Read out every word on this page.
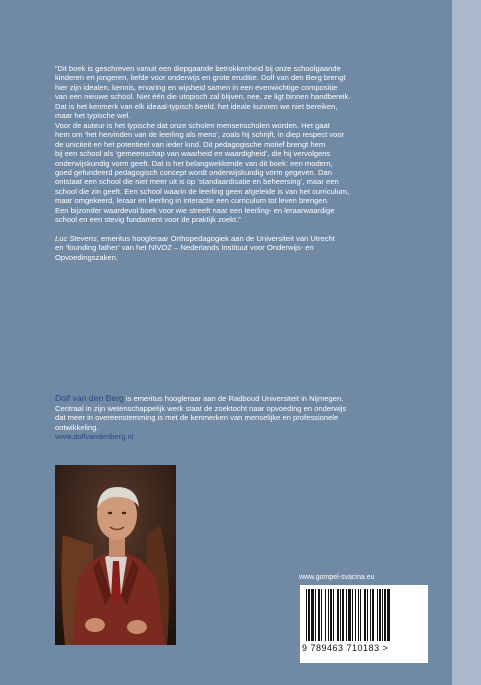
“Dit boek is geschreven vanuit een diepgaande betrokkenheid bij onze schoolgaande

kinderen en jongeren, liefde voor onderwijs en grote eruditie. Dolf van den Berg brengt

hier zijn idealen, kennis, ervaring en wijsheid samen in een evenwichtige compositie

van een nieuwe school. Niet één die utopisch zal blijven, nee, ze ligt binnen handbereik.

Dat is het kenmerk van elk ideaal-typisch beeld, het ideale kunnen we niet bereiken,

maar het typische wel.

Voor de auteur is het typische dat onze scholen mensenscholen worden. Het gaat

hem om ‘het hervinden van de leerling als mens’, zoals hij schrijft, in diep respect voor

de uniciteit en het potentieel van ieder kind. Dit pedagogische motief brengt hem

bij een school als ‘gemeenschap van waarheid en waardigheid’, die hij vervolgens

onderwijskundig vorm geeft. Dat is het belangwekkende van dit boek: een modern,

goed gefundeerd pedagogisch concept wordt onderwijskundig vorm gegeven. Dan

ontstaat een school die niet meer uit is op ‘standaardisatie en beheersing’, maar een

school die zin geeft. Een school waarin de leerling geen afgeleide is van het curriculum,

maar omgekeerd, leraar en leerling in interactie een curriculum tot leven brengen.

Een bijzonder waardevol boek voor wie streeft naar een leerling- en leraarwaardige

school en een stevig fundament voor de praktijk zoekt.”

Luc Stevens, emeritus hoogleraar Orthopedagogiek aan de Universiteit van Utrecht

en ‘founding father’ van het NIVOZ – Nederlands Instituut voor Onderwijs- en

Opvoedingszaken.

Dolf van den Berg is emeritus hoogleraar aan de Radboud Universiteit in Nijmegen.

Centraal in zijn wetenschappelijk werk staat de zoektocht naar opvoeding en onderwijs

dat meer in overeenstemming is met de kenmerken van menselijke en professionele

ontwikkeling.

www.dolfvandenberg.nl

www.gompel-svacina.eu
9 789463 710183 >
